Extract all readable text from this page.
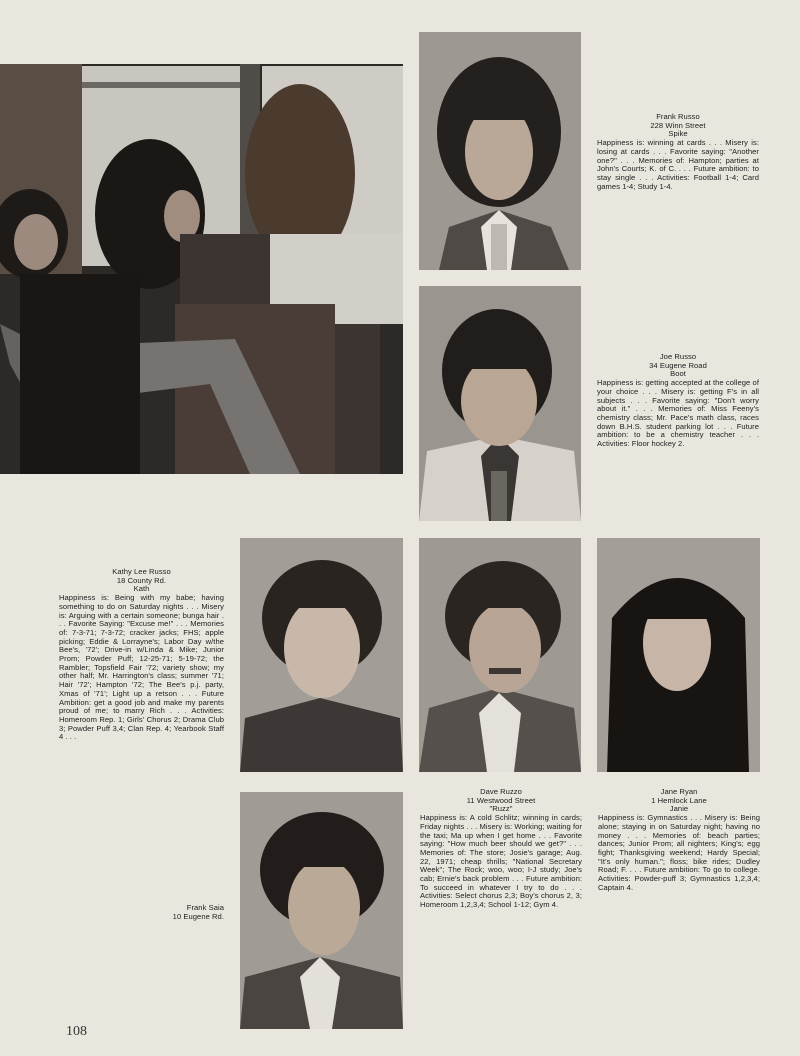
Frank Russo
228 Winn Street
Spike
Happiness is: winning at cards . . . Misery is: losing at cards . . . Favorite saying: "Another one?" . . . Memories of: Hampton; parties at John's Courts; K. of C. . . . Future ambition: to stay single . . . Activities: Football 1-4; Card games 1-4; Study 1-4.
Joe Russo
34 Eugene Road
Boot
Happiness is: getting accepted at the college of your choice . . . Misery is: getting F's in all subjects . . . Favorite saying: "Don't worry about it." . . . Memories of: Miss Feeny's chemistry class; Mr. Pace's math class, races down B.H.S. student parking lot . . . Future ambition: to be a chemistry teacher . . . Activities: Floor hockey 2.
Kathy Lee Russo
18 County Rd.
Kath
Happiness is: Being with my babe; having something to do on Saturday nights . . . Misery is: Arguing with a certain someone; bunga hair . . . Favorite Saying: "Excuse me!" . . . Memories of: 7-3-71; 7-3-72; cracker jacks; FHS; apple picking; Eddie & Lorrayne's; Labor Day w/the Bee's, '72'; Drive-in w/Linda & Mike; Junior Prom; Powder Puff; 12-25-71; 5-19-72; the Rambler; Topsfield Fair '72; variety show; my other half; Mr. Harrington's class; summer '71; Hair '72'; Hampton '72; The Bee's p.j. party, Xmas of '71'; Light up a retson . . . Future Ambition: get a good job and make my parents proud of me; to marry Rich . . . Activities: Homeroom Rep. 1; Girls' Chorus 2; Drama Club 3; Powder Puff 3,4; Clan Rep. 4; Yearbook Staff 4 . . .
Dave Ruzzo
11 Westwood Street
"Ruzz"
Happiness is: A cold Schlitz; winning in cards; Friday nights . . . Misery is: Working; waiting for the taxi; Ma up when I get home . . . Favorite saying: "How much beer should we get?" . . . Memories of: The store; Josie's garage; Aug. 22, 1971; cheap thrills; "National Secretary Week"; The Rock; woo, woo; I-J study; Joe's cab; Ernie's back problem . . . Future ambition: To succeed in whatever I try to do . . . Activities: Select chorus 2,3; Boy's chorus 2, 3; Homeroom 1,2,3,4; School 1-12; Gym 4.
Jane Ryan
1 Hemlock Lane
Janie
Happiness is: Gymnastics . . . Misery is: Being alone; staying in on Saturday night; having no money . . . Memories of: beach parties; dances; Junior Prom; all nighters; King's; egg fight; Thanksgiving weekend; Hardy Special; "It's only human."; floss; bike rides; Dudley Road; F. . . . Future ambition: To go to college. Activities: Powder-puff 3; Gymnastics 1,2,3,4; Captain 4.
Frank Saia
10 Eugene Rd.
108
